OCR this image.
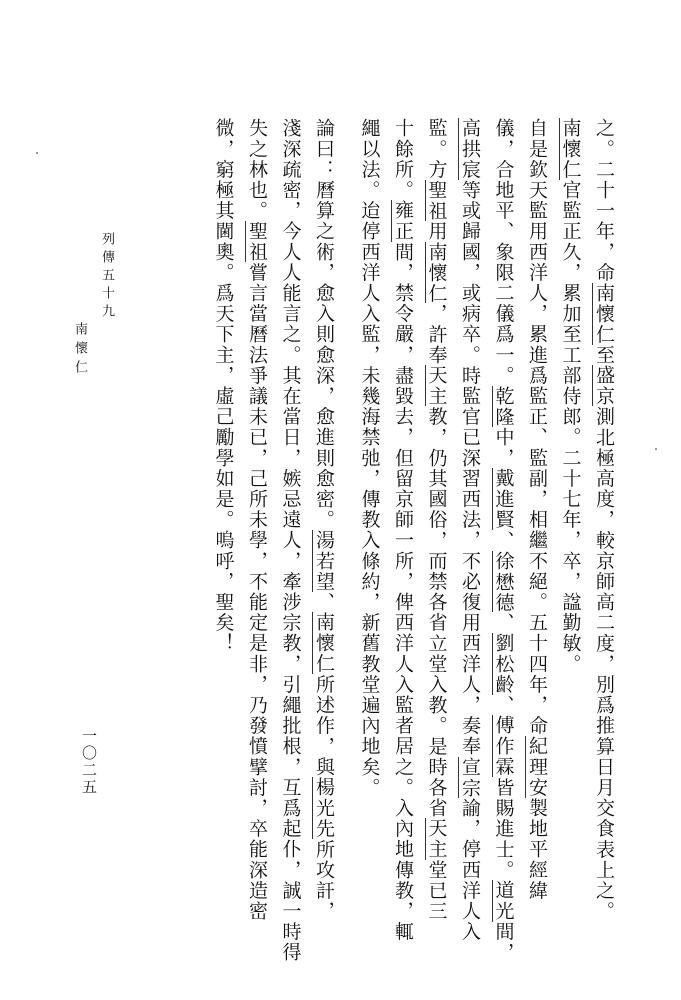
列傳五十九
南懷仁
一〇二五
之。二十一年，命南懷仁至盛京測北極高度，較京師高二度，別爲推算日月交食表上之。
南懷仁官監正久，累加至工部侍郎。二十七年，卒，諡勤敏。
自是欽天監用西洋人，累進爲監正、監副，相繼不絕。五十四年，命紀理安製地平經緯
儀，合地平、象限二儀爲一。乾隆中，戴進賢、徐懋德、劉松齡、傅作霖皆賜進士。道光間，
高拱宸等或歸國，或病卒。時監官已深習西法，不必復用西洋人，奏奉宣宗諭，停西洋人入
監。方聖祖用南懷仁，許奉天主教，仍其國俗，而禁各省立堂入教。是時各省天主堂已三
十餘所。雍正間，禁令嚴，盡毀去，但留京師一所，俾西洋人入監者居之。入內地傳教，輒
繩以法。迨停西洋人入監，未幾海禁弛，傳教入條約，新舊教堂遍內地矣。
論曰：曆算之術，愈入則愈深，愈進則愈密。湯若望、南懷仁所述作，與楊光先所攻訐，
淺深疏密，今人人能言之。其在當日，嫉忌遠人，牽涉宗教，引繩批根，互爲起仆，誠一時得
失之林也。聖祖嘗言當曆法爭議未已，己所未學，不能定是非，乃發憤擘討，卒能深造密
微，窮極其閫奧。爲天下主，虛己勵學如是。嗚呼，聖矣！
